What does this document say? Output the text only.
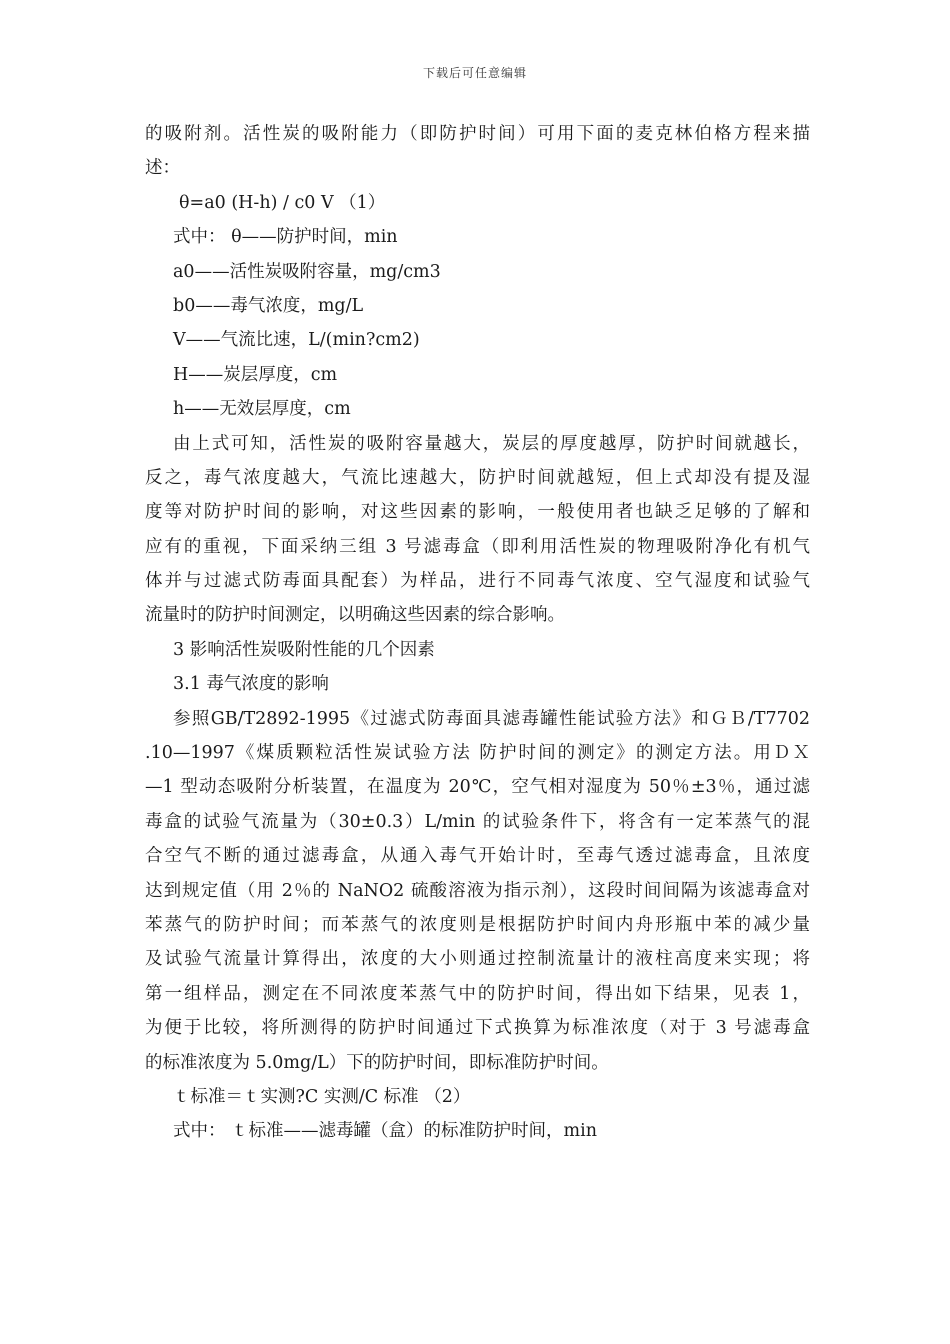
下载后可任意编辑
的吸附剂。活性炭的吸附能力（即防护时间）可用下面的麦克林伯格方程来描
述：
θ=a0 (H-h) / c0 V （1）
式中： θ——防护时间，min
a0——活性炭吸附容量，mg/cm3
b0——毒气浓度，mg/L
V——气流比速，L/(min?cm2)
H——炭层厚度，cm
h——无效层厚度，cm
由上式可知，活性炭的吸附容量越大，炭层的厚度越厚，防护时间就越长，
反之，毒气浓度越大，气流比速越大，防护时间就越短，但上式却没有提及湿
度等对防护时间的影响，对这些因素的影响，一般使用者也缺乏足够的了解和
应有的重视，下面采纳三组 3 号滤毒盒（即利用活性炭的物理吸附净化有机气
体并与过滤式防毒面具配套）为样品，进行不同毒气浓度、空气湿度和试验气
流量时的防护时间测定，以明确这些因素的综合影响。
3 影响活性炭吸附性能的几个因素
3.1 毒气浓度的影响
参照GB/T2892-1995《过滤式防毒面具滤毒罐性能试验方法》和ＧＢ/T7702
.10—1997《煤质颗粒活性炭试验方法 防护时间的测定》的测定方法。用ＤＸ
—1 型动态吸附分析装置，在温度为 20℃，空气相对湿度为 50％±3％，通过滤
毒盒的试验气流量为（30±0.3）L/min 的试验条件下，将含有一定苯蒸气的混
合空气不断的通过滤毒盒，从通入毒气开始计时，至毒气透过滤毒盒，且浓度
达到规定值（用 2％的 NaNO2 硫酸溶液为指示剂），这段时间间隔为该滤毒盒对
苯蒸气的防护时间；而苯蒸气的浓度则是根据防护时间内舟形瓶中苯的减少量
及试验气流量计算得出，浓度的大小则通过控制流量计的液柱高度来实现；将
第一组样品，测定在不同浓度苯蒸气中的防护时间，得出如下结果，见表 1，
为便于比较，将所测得的防护时间通过下式换算为标准浓度（对于 3 号滤毒盒
的标准浓度为 5.0mg/L）下的防护时间，即标准防护时间。
ｔ标准＝ｔ实测?C 实测/C 标准 （2）
式中： ｔ标准——滤毒罐（盒）的标准防护时间，min
